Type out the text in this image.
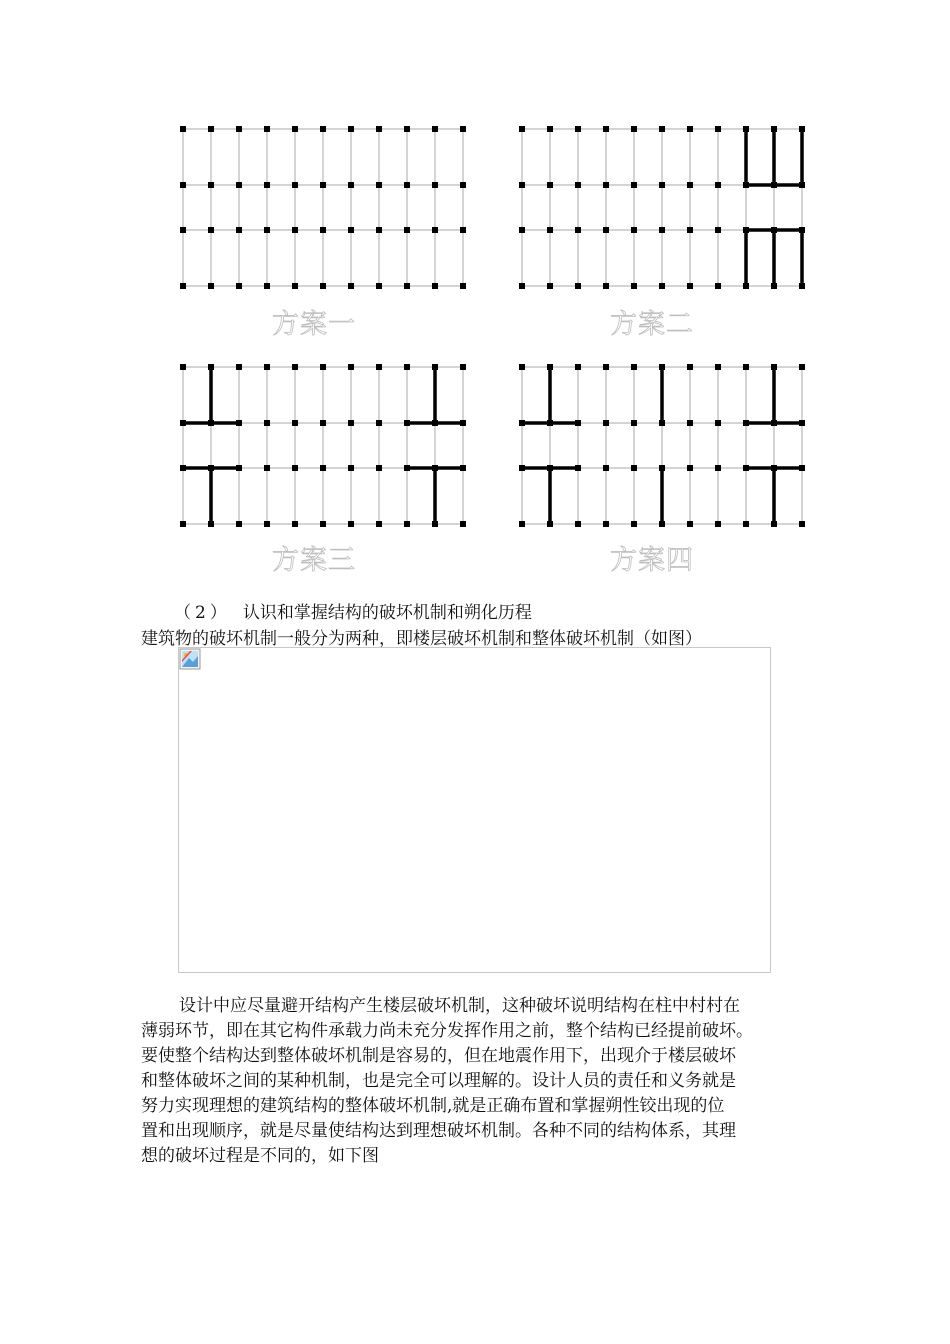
方案一	方案二
方案三	方案四
（2） 认识和掌握结构的破坏机制和朔化历程
建筑物的破坏机制一般分为两种，即楼层破坏机制和整体破坏机制（如图）
设计中应尽量避开结构产生楼层破坏机制，这种破坏说明结构在柱中村村在
薄弱环节，即在其它构件承载力尚未充分发挥作用之前，整个结构已经提前破坏。
要使整个结构达到整体破坏机制是容易的，但在地震作用下，出现介于楼层破坏
和整体破坏之间的某种机制，也是完全可以理解的。设计人员的责任和义务就是
努力实现理想的建筑结构的整体破坏机制,就是正确布置和掌握朔性铰出现的位
置和出现顺序，就是尽量使结构达到理想破坏机制。各种不同的结构体系，其理
想的破坏过程是不同的，如下图
